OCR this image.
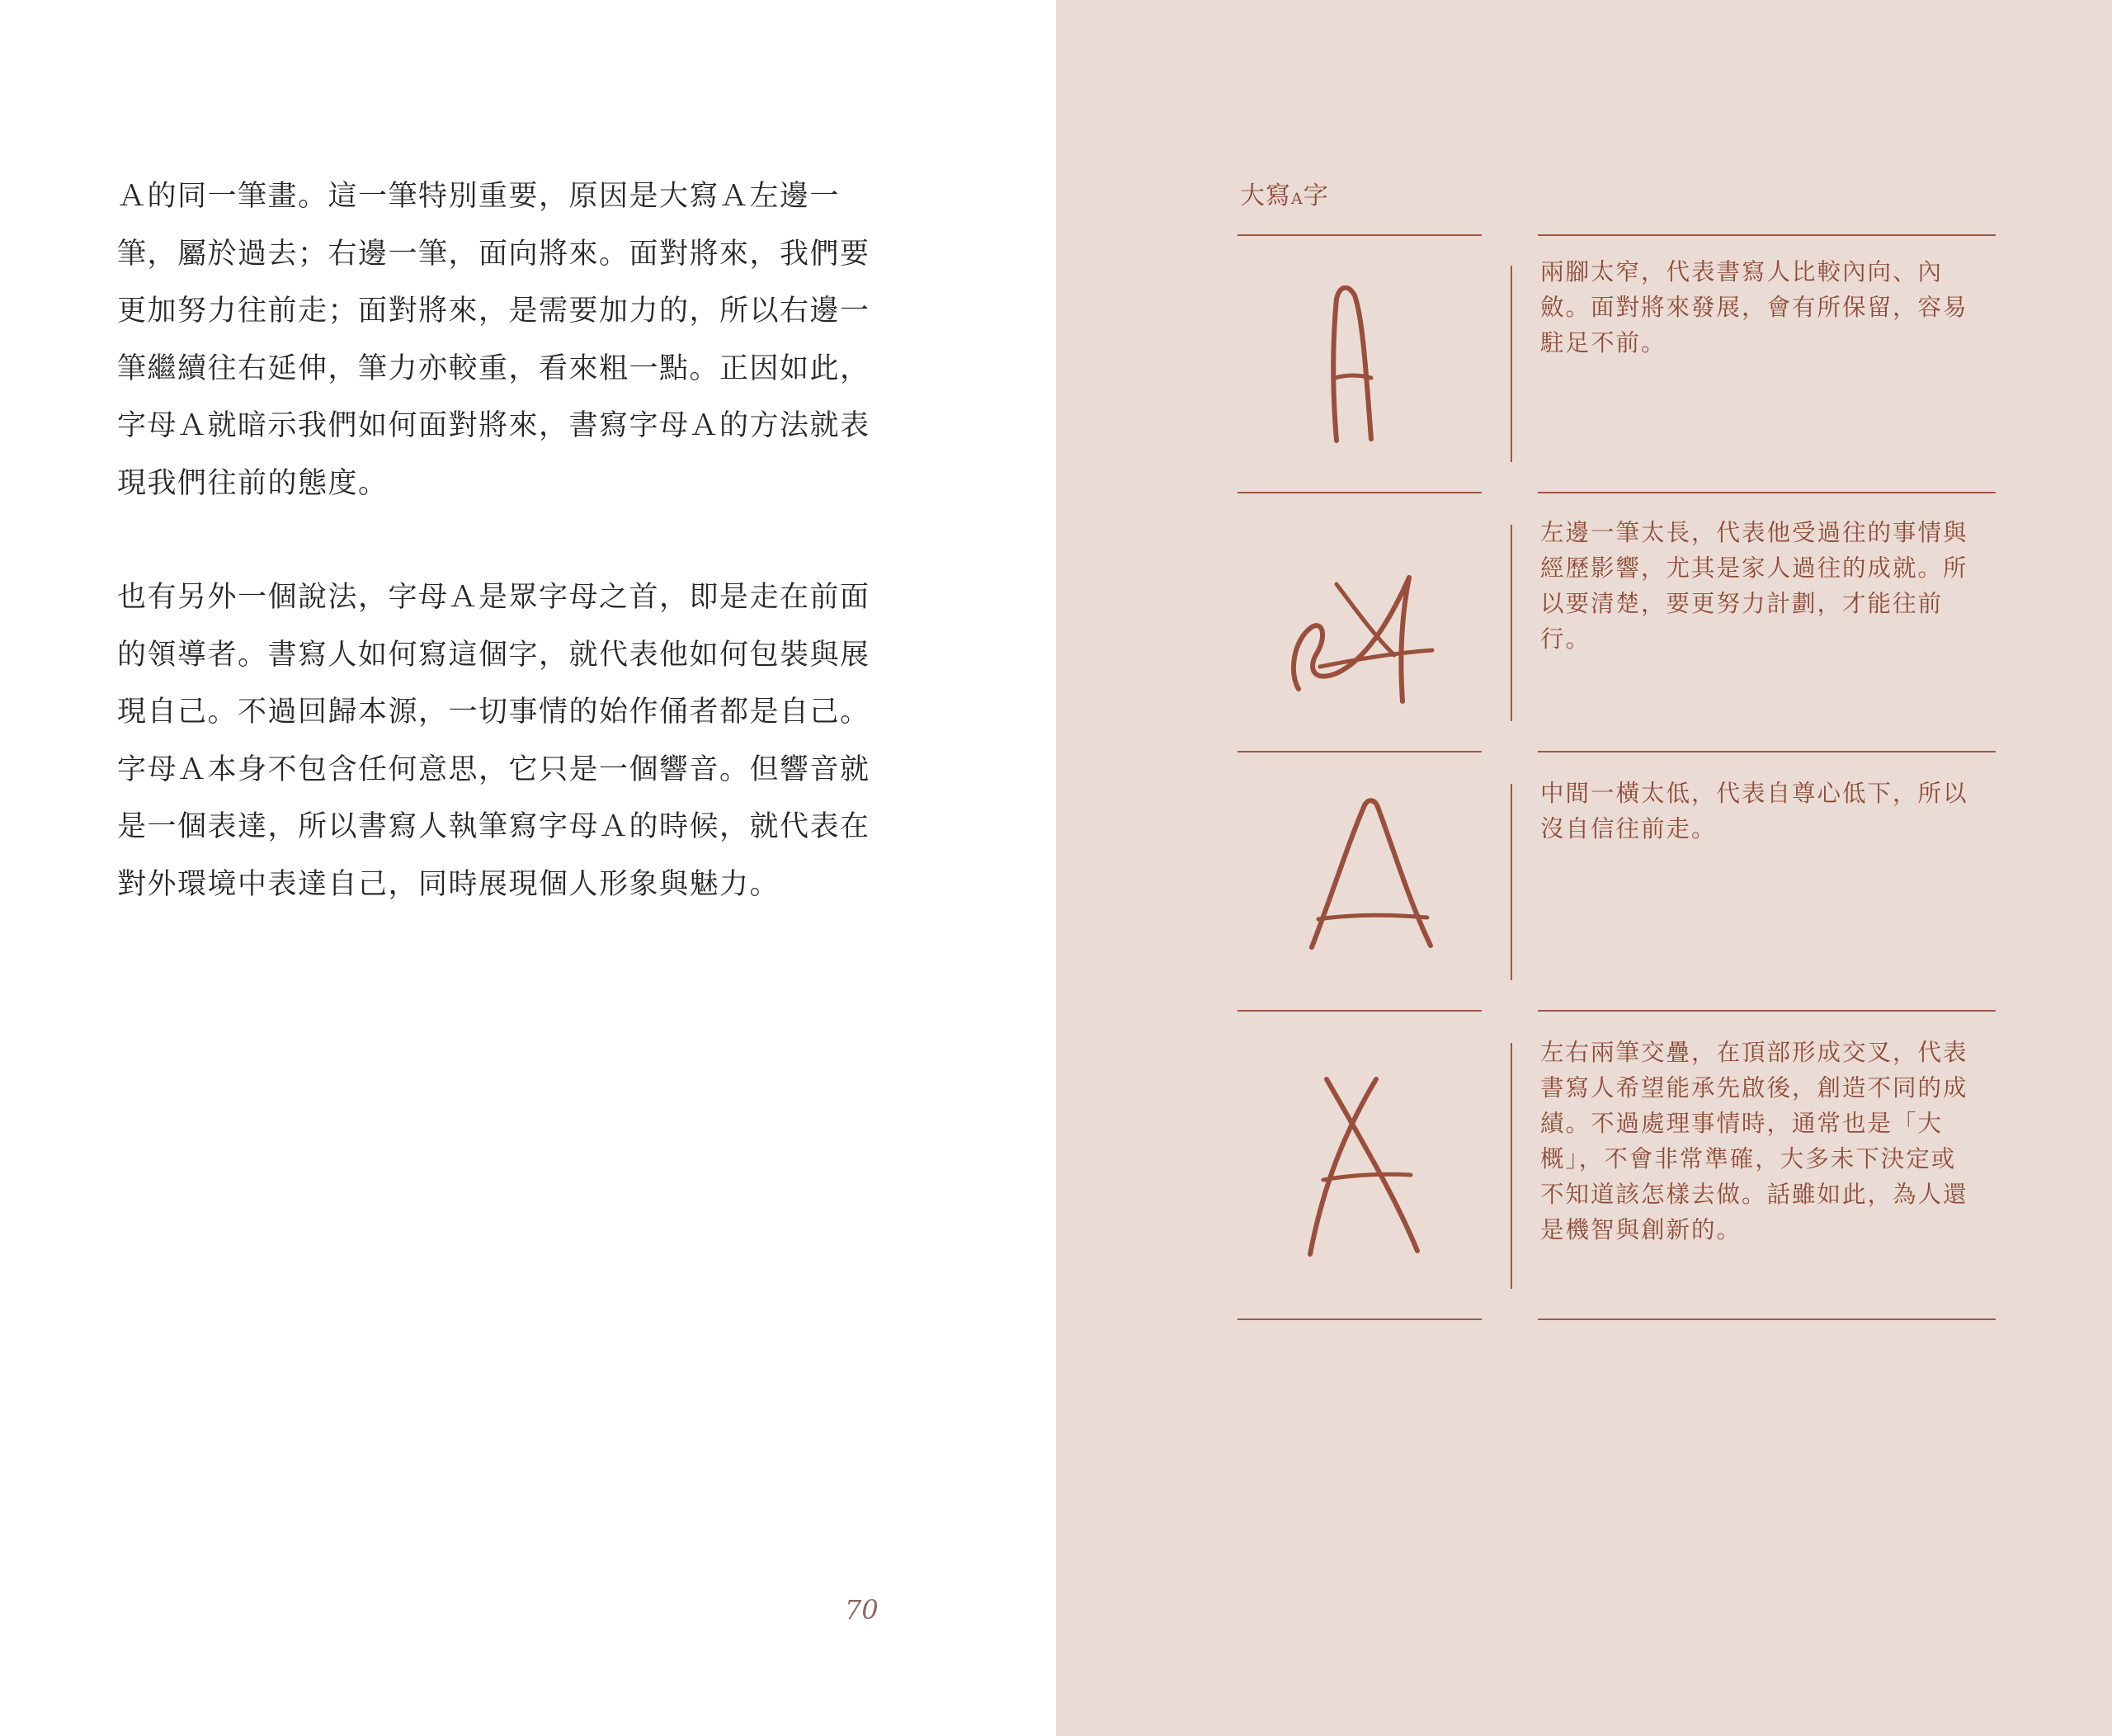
Ａ的同一筆畫。這一筆特別重要，原因是大寫Ａ左邊一筆，屬於過去；右邊一筆，面向將來。面對將來，我們要更加努力往前走；面對將來，是需要加力的，所以右邊一筆繼續往右延伸，筆力亦較重，看來粗一點。正因如此，字母Ａ就暗示我們如何面對將來，書寫字母Ａ的方法就表現我們往前的態度。

也有另外一個說法，字母Ａ是眾字母之首，即是走在前面的領導者。書寫人如何寫這個字，就代表他如何包裝與展現自己。不過回歸本源，一切事情的始作俑者都是自己。字母Ａ本身不包含任何意思，它只是一個響音。但響音就是一個表達，所以書寫人執筆寫字母Ａ的時候，就代表在對外環境中表達自己，同時展現個人形象與魅力。

70
大寫A字
兩腳太窄，代表書寫人比較內向、內斂。面對將來發展，會有所保留，容易駐足不前。
左邊一筆太長，代表他受過往的事情與經歷影響，尤其是家人過往的成就。所以要清楚，要更努力計劃，才能往前行。
中間一橫太低，代表自尊心低下，所以沒自信往前走。
左右兩筆交疊，在頂部形成交叉，代表書寫人希望能承先啟後，創造不同的成績。不過處理事情時，通常也是「大概」，不會非常準確，大多未下決定或不知道該怎樣去做。話雖如此，為人還是機智與創新的。
